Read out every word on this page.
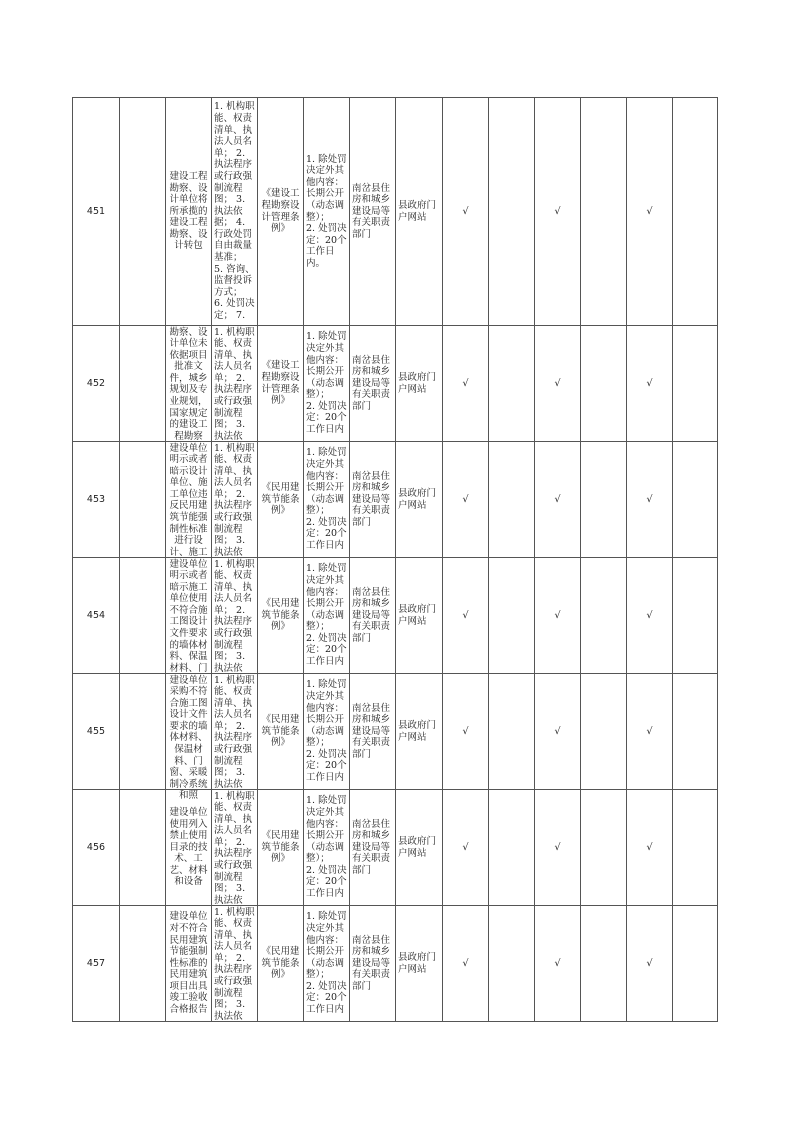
451		建设工程勘察、设计单位将所承揽的建设工程勘察、设计转包	1. 机构职能、权责清单、执法人员名单； 2. 执法程序或行政强制流程图； 3. 执法依据； 4. 行政处罚自由裁量基准；
5. 咨询、监督投诉方式；
6. 处罚决定； 7.	《建设工程勘察设计管理条例》	1. 除处罚决定外其他内容：长期公开（动态调整）；
2. 处罚决定：20个工作日内。	南岔县住房和城乡建设局等有关职责部门	县政府门户网站	√		√		√	
452		勘察、设计单位未依据项目批准文件，城乡规划及专业规划，国家规定的建设工程勘察	1. 机构职能、权责清单、执法人员名单； 2. 执法程序或行政强制流程图； 3. 执法依	《建设工程勘察设计管理条例》	1. 除处罚决定外其他内容：长期公开（动态调整）；
2. 处罚决定：20个工作日内	南岔县住房和城乡建设局等有关职责部门	县政府门户网站	√		√		√	
453		建设单位明示或者暗示设计单位、施工单位违反民用建筑节能强制性标准进行设计、施工	1. 机构职能、权责清单、执法人员名单； 2. 执法程序或行政强制流程图； 3. 执法依	《民用建筑节能条例》	1. 除处罚决定外其他内容：长期公开（动态调整）；
2. 处罚决定：20个工作日内	南岔县住房和城乡建设局等有关职责部门	县政府门户网站	√		√		√	
454		建设单位明示或者暗示施工单位使用不符合施工图设计文件要求的墙体材料、保温材料、门	1. 机构职能、权责清单、执法人员名单； 2. 执法程序或行政强制流程图； 3. 执法依	《民用建筑节能条例》	1. 除处罚决定外其他内容：长期公开（动态调整）；
2. 处罚决定：20个工作日内	南岔县住房和城乡建设局等有关职责部门	县政府门户网站	√		√		√	
455		建设单位采购不符合施工图设计文件要求的墙体材料、保温材料、门窗、采暖制冷系统和照	1. 机构职能、权责清单、执法人员名单； 2. 执法程序或行政强制流程图； 3. 执法依	《民用建筑节能条例》	1. 除处罚决定外其他内容：长期公开（动态调整）；
2. 处罚决定：20个工作日内	南岔县住房和城乡建设局等有关职责部门	县政府门户网站	√		√		√	
456		建设单位使用列入禁止使用目录的技术、工艺、材料和设备	1. 机构职能、权责清单、执法人员名单； 2. 执法程序或行政强制流程图； 3. 执法依	《民用建筑节能条例》	1. 除处罚决定外其他内容：长期公开（动态调整）；
2. 处罚决定：20个工作日内	南岔县住房和城乡建设局等有关职责部门	县政府门户网站	√		√		√	
457		建设单位对不符合民用建筑节能强制性标准的民用建筑项目出具竣工验收合格报告	1. 机构职能、权责清单、执法人员名单； 2. 执法程序或行政强制流程图； 3. 执法依	《民用建筑节能条例》	1. 除处罚决定外其他内容：长期公开（动态调整）；
2. 处罚决定：20个工作日内	南岔县住房和城乡建设局等有关职责部门	县政府门户网站	√		√		√	
